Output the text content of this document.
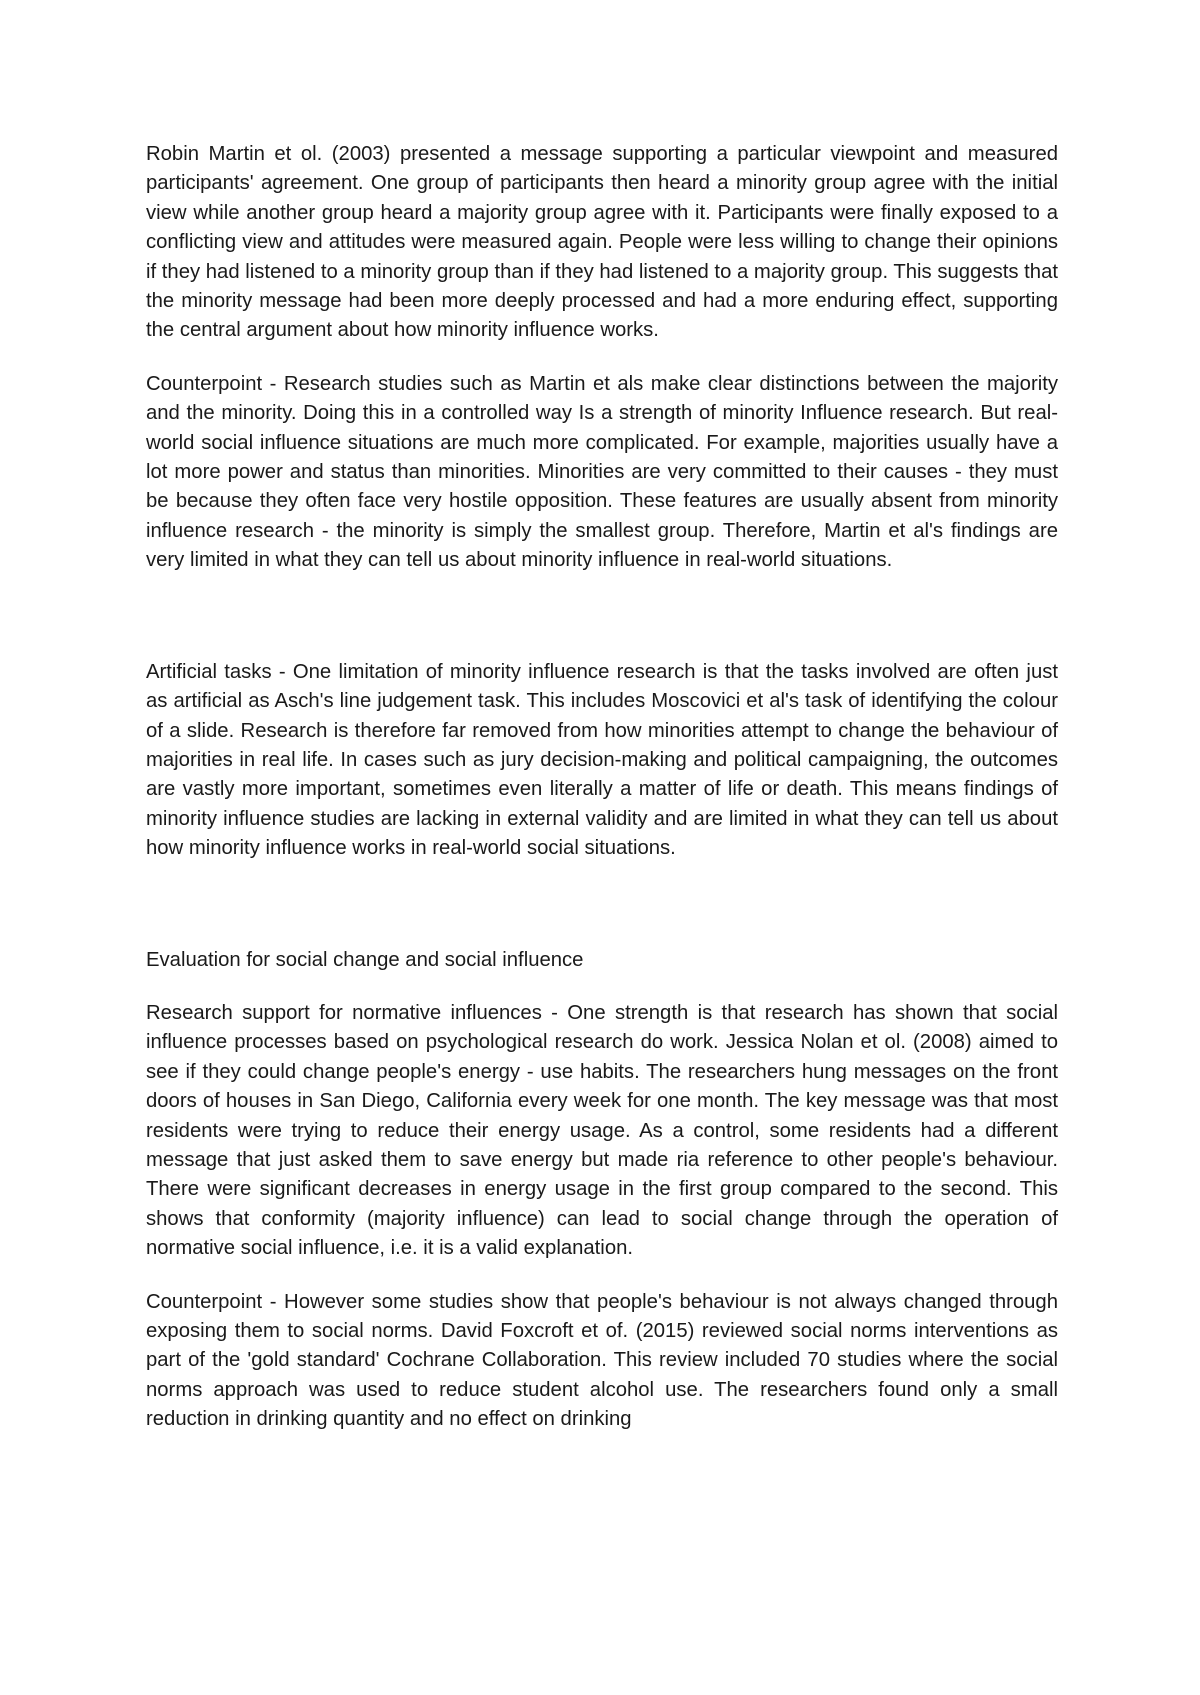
Robin Martin et ol. (2003) presented a message supporting a particular viewpoint and measured participants' agreement. One group of participants then heard a minority group agree with the initial view while another group heard a majority group agree with it. Participants were finally exposed to a conflicting view and attitudes were measured again. People were less willing to change their opinions if they had listened to a minority group than if they had listened to a majority group. This suggests that the minority message had been more deeply processed and had a more enduring effect, supporting the central argument about how minority influence works.

Counterpoint - Research studies such as Martin et als make clear distinctions between the majority and the minority. Doing this in a controlled way Is a strength of minority Influence research. But real-world social influence situations are much more complicated. For example, majorities usually have a lot more power and status than minorities. Minorities are very committed to their causes - they must be because they often face very hostile opposition. These features are usually absent from minority influence research - the minority is simply the smallest group. Therefore, Martin et al's findings are very limited in what they can tell us about minority influence in real-world situations.

Artificial tasks - One limitation of minority influence research is that the tasks involved are often just as artificial as Asch's line judgement task. This includes Moscovici et al's task of identifying the colour of a slide. Research is therefore far removed from how minorities attempt to change the behaviour of majorities in real life. In cases such as jury decision-making and political campaigning, the outcomes are vastly more important, sometimes even literally a matter of life or death. This means findings of minority influence studies are lacking in external validity and are limited in what they can tell us about how minority influence works in real-world social situations.

Evaluation for social change and social influence

Research support for normative influences - One strength is that research has shown that social influence processes based on psychological research do work. Jessica Nolan et ol. (2008) aimed to see if they could change people's energy - use habits. The researchers hung messages on the front doors of houses in San Diego, California every week for one month. The key message was that most residents were trying to reduce their energy usage. As a control, some residents had a different message that just asked them to save energy but made ria reference to other people's behaviour. There were significant decreases in energy usage in the first group compared to the second. This shows that conformity (majority influence) can lead to social change through the operation of normative social influence, i.e. it is a valid explanation.

Counterpoint - However some studies show that people's behaviour is not always changed through exposing them to social norms. David Foxcroft et of. (2015) reviewed social norms interventions as part of the 'gold standard' Cochrane Collaboration. This review included 70 studies where the social norms approach was used to reduce student alcohol use. The researchers found only a small reduction in drinking quantity and no effect on drinking
